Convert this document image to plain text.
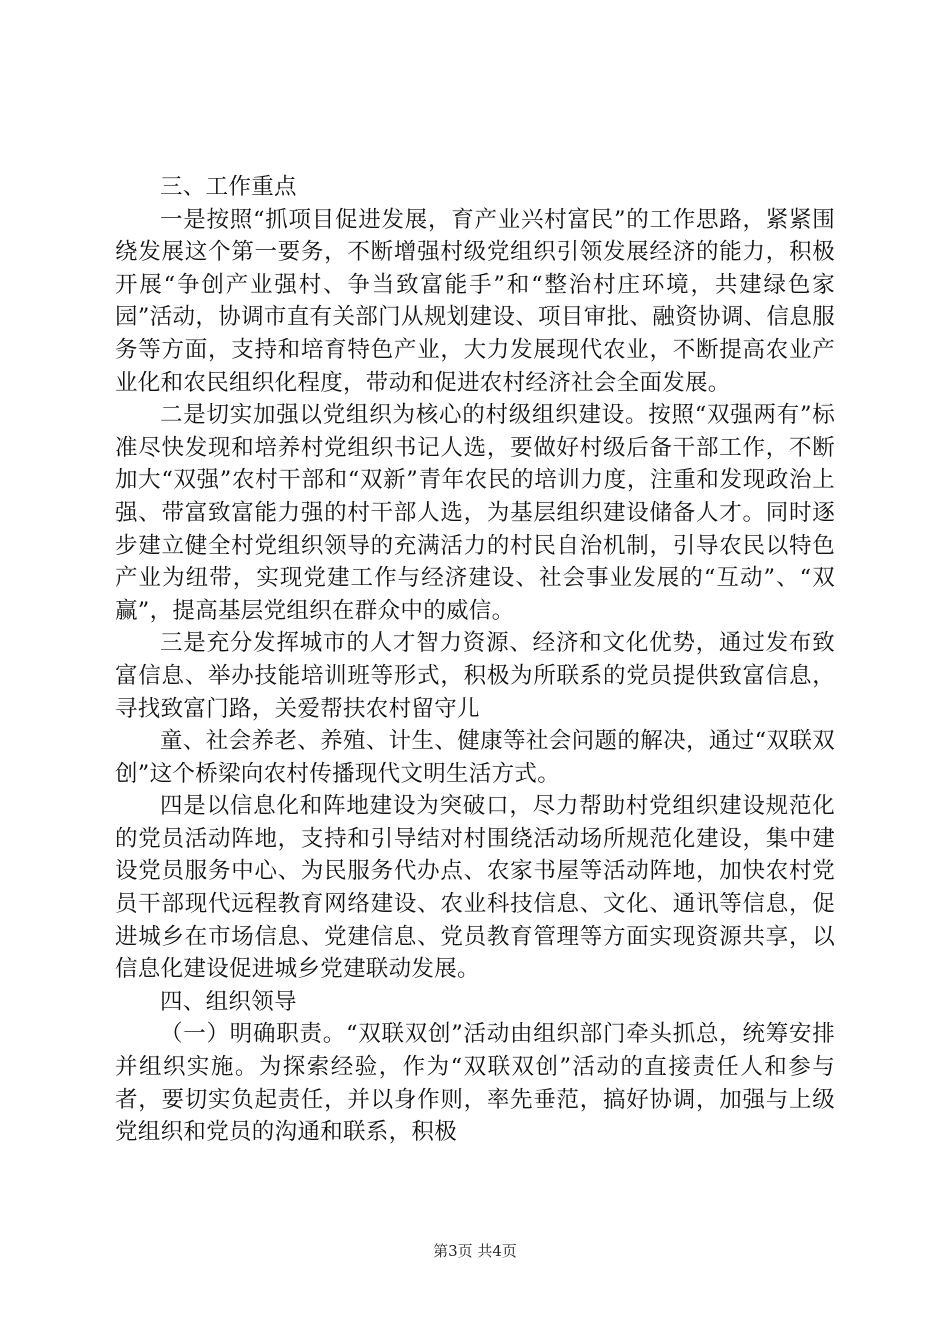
三、工作重点

一是按照“抓项目促进发展，育产业兴村富民”的工作思路，紧紧围绕发展这个第一要务，不断增强村级党组织引领发展经济的能力，积极开展“争创产业强村、争当致富能手”和“整治村庄环境，共建绿色家园”活动，协调市直有关部门从规划建设、项目审批、融资协调、信息服务等方面，支持和培育特色产业，大力发展现代农业，不断提高农业产业化和农民组织化程度，带动和促进农村经济社会全面发展。

二是切实加强以党组织为核心的村级组织建设。按照“双强两有”标准尽快发现和培养村党组织书记人选，要做好村级后备干部工作，不断加大“双强”农村干部和“双新”青年农民的培训力度，注重和发现政治上强、带富致富能力强的村干部人选，为基层组织建设储备人才。同时逐步建立健全村党组织领导的充满活力的村民自治机制，引导农民以特色产业为纽带，实现党建工作与经济建设、社会事业发展的“互动”、“双赢”，提高基层党组织在群众中的威信。

三是充分发挥城市的人才智力资源、经济和文化优势，通过发布致富信息、举办技能培训班等形式，积极为所联系的党员提供致富信息，寻找致富门路，关爱帮扶农村留守儿

童、社会养老、养殖、计生、健康等社会问题的解决，通过“双联双创”这个桥梁向农村传播现代文明生活方式。

四是以信息化和阵地建设为突破口，尽力帮助村党组织建设规范化的党员活动阵地，支持和引导结对村围绕活动场所规范化建设，集中建设党员服务中心、为民服务代办点、农家书屋等活动阵地，加快农村党员干部现代远程教育网络建设、农业科技信息、文化、通讯等信息，促进城乡在市场信息、党建信息、党员教育管理等方面实现资源共享，以信息化建设促进城乡党建联动发展。

四、组织领导

（一）明确职责。“双联双创”活动由组织部门牵头抓总，统筹安排并组织实施。为探索经验，作为“双联双创”活动的直接责任人和参与者，要切实负起责任，并以身作则，率先垂范，搞好协调，加强与上级党组织和党员的沟通和联系，积极

第3页 共4页
